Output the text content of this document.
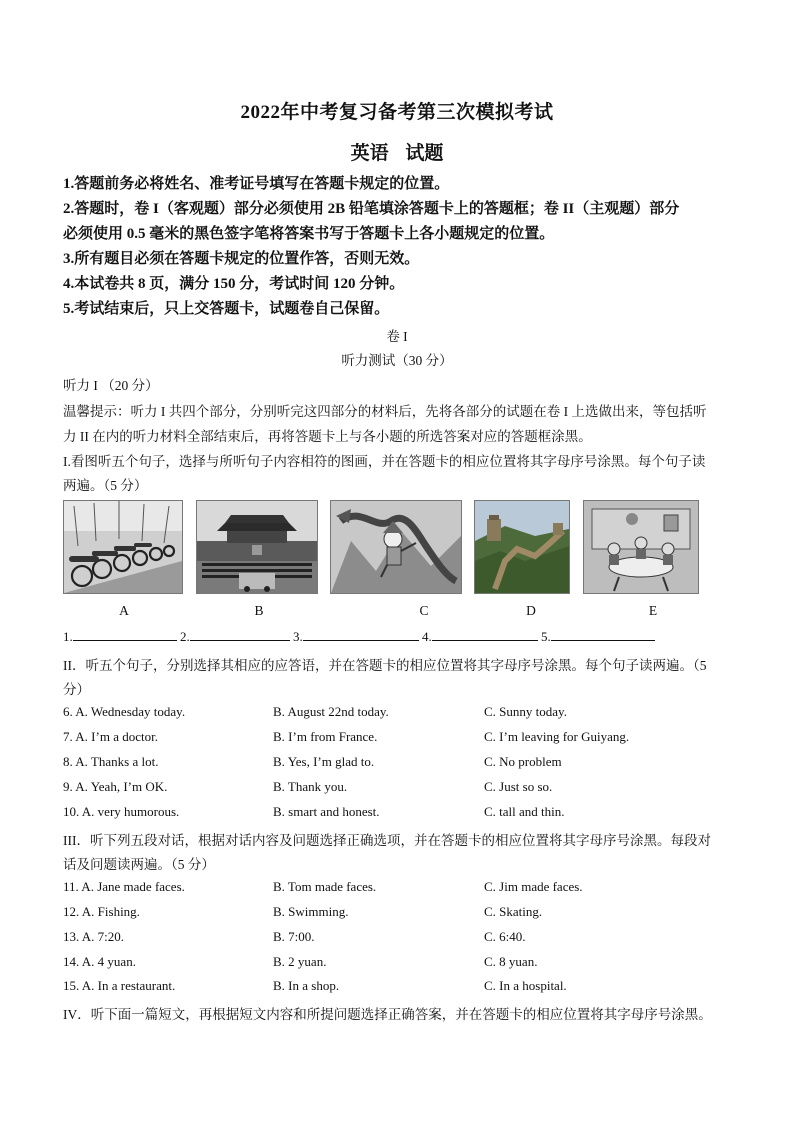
2022年中考复习备考第三次模拟考试
英语 试题
1.答题前务必将姓名、准考证号填写在答题卡规定的位置。
2.答题时，卷 I（客观题）部分必须使用 2B 铅笔填涂答题卡上的答题框；卷 II（主观题）部分
必须使用 0.5 毫米的黑色签字笔将答案书写于答题卡上各小题规定的位置。
3.所有题目必须在答题卡规定的位置作答，否则无效。
4.本试卷共 8 页，满分 150 分，考试时间 120 分钟。
5.考试结束后，只上交答题卡，试题卷自己保留。
卷 I
听力测试（30 分）
听力 I （20 分）
温馨提示：听力 I 共四个部分，分别听完这四部分的材料后，先将各部分的试题在卷 I 上选做出来，等包括听
力 II 在内的听力材料全部结束后，再将答题卡上与各小题的所选答案对应的答题框涂黑。
I.看图听五个句子，选择与所听句子内容相符的图画，并在答题卡的相应位置将其字母序号涂黑。每个句子读
两遍。（5 分）
A	B	C	D	E
1.	2.	3.	4.	5.
II．听五个句子，分别选择其相应的应答语，并在答题卡的相应位置将其字母序号涂黑。每个句子读两遍。（5
分）
6. A. Wednesday today.	B. August 22nd today.	C. Sunny today.
7. A. I’m a doctor.	B. I’m from France.	C. I’m leaving for Guiyang.
8. A. Thanks a lot.	B. Yes, I’m glad to.	C. No problem
9. A. Yeah, I’m OK.	B. Thank you.	C. Just so so.
10. A. very humorous.	B. smart and honest.	C. tall and thin.
III．听下列五段对话，根据对话内容及问题选择正确选项，并在答题卡的相应位置将其字母序号涂黑。每段对
话及问题读两遍。（5 分）
11. A. Jane made faces.	B. Tom made faces.	C. Jim made faces.
12. A. Fishing.	B. Swimming.	C. Skating.
13. A. 7:20.	B. 7:00.	C. 6:40.
14. A. 4 yuan.	B. 2 yuan.	C. 8 yuan.
15. A. In a restaurant.	B. In a shop.	C. In a hospital.
IV．听下面一篇短文，再根据短文内容和所提问题选择正确答案，并在答题卡的相应位置将其字母序号涂黑。
